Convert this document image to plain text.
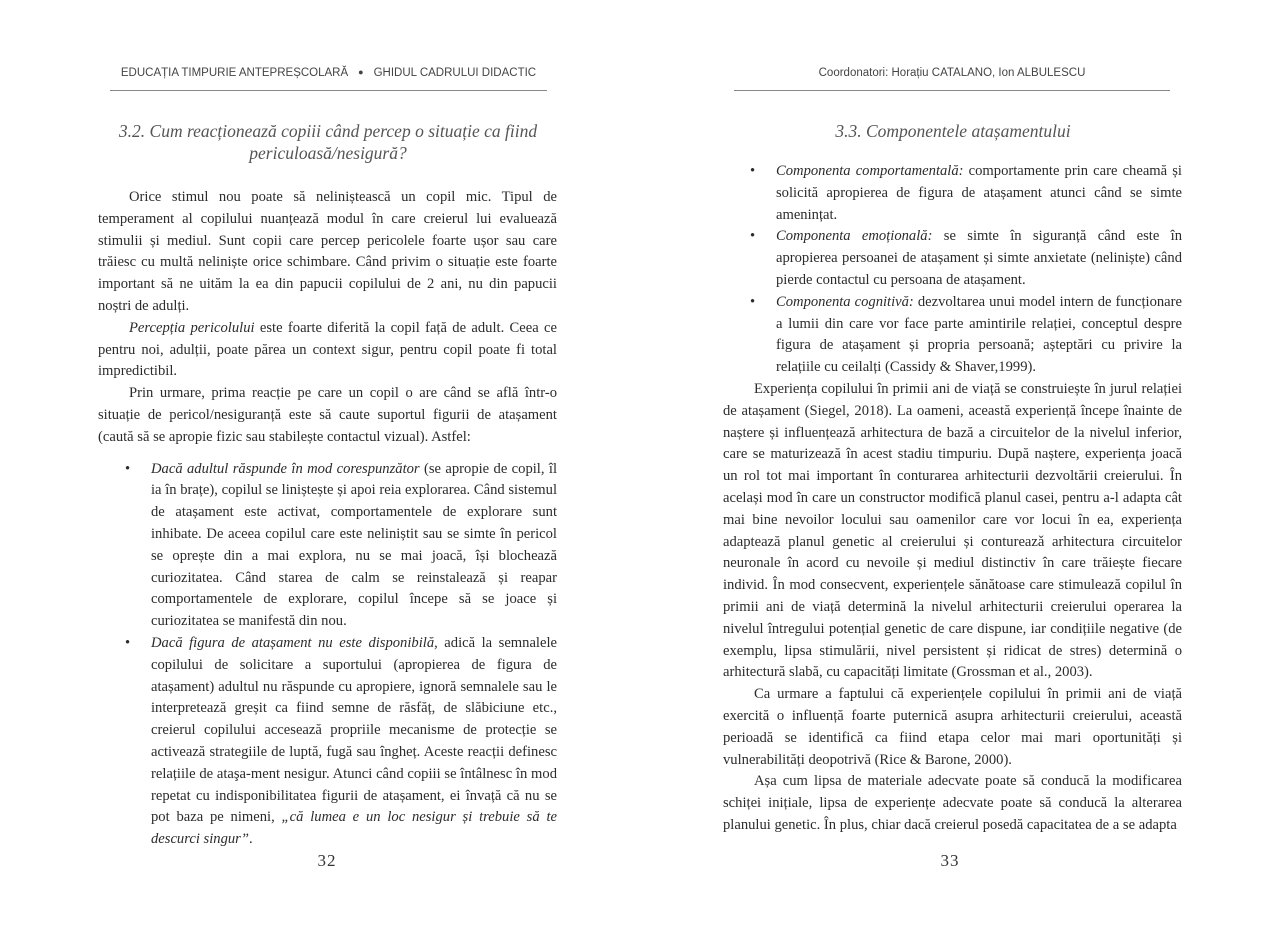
EDUCAȚIA TIMPURIE ANTEPREȘCOLARĂ ● GHIDUL CADRULUI DIDACTIC
3.2. Cum reacționează copiii când percep o situație ca fiind periculoasă/nesigură?

Orice stimul nou poate să neliniștească un copil mic. Tipul de temperament al copilului nuanțează modul în care creierul lui evaluează stimulii și mediul. Sunt copii care percep pericolele foarte ușor sau care trăiesc cu multă neliniște orice schimbare. Când privim o situație este foarte important să ne uităm la ea din papucii copilului de 2 ani, nu din papucii noștri de adulți.

Percepția pericolului este foarte diferită la copil față de adult. Ceea ce pentru noi, adulții, poate părea un context sigur, pentru copil poate fi total impredictibil.

Prin urmare, prima reacție pe care un copil o are când se află într-o situație de pericol/nesiguranță este să caute suportul figurii de atașament (caută să se apropie fizic sau stabilește contactul vizual). Astfel:

• Dacă adultul răspunde în mod corespunzător (se apropie de copil, îl ia în brațe), copilul se liniștește și apoi reia explorarea. Când sistemul de atașament este activat, comportamentele de explorare sunt inhibate. De aceea copilul care este neliniștit sau se simte în pericol se oprește din a mai explora, nu se mai joacă, își blochează curiozitatea. Când starea de calm se reinstalează și reapar comportamentele de explorare, copilul începe să se joace și curiozitatea se manifestă din nou.
• Dacă figura de atașament nu este disponibilă, adică la semnalele copilului de solicitare a suportului (apropierea de figura de atașament) adultul nu răspunde cu apropiere, ignoră semnalele sau le interpretează greșit ca fiind semne de răsfăț, de slăbiciune etc., creierul copilului accesează propriile mecanisme de protecție se activează strategiile de luptă, fugă sau îngheț. Aceste reacții definesc relațiile de ataşa-ment nesigur. Atunci când copiii se întâlnesc în mod repetat cu indisponibilitatea figurii de atașament, ei învață că nu se pot baza pe nimeni, „că lumea e un loc nesigur și trebuie să te descurci singur”.
32
Coordonatori: Horațiu CATALANO, Ion ALBULESCU
3.3. Componentele atașamentului
• Componenta comportamentală: comportamente prin care cheamă și solicită apropierea de figura de atașament atunci când se simte amenințat.
• Componenta emoțională: se simte în siguranță când este în apropierea persoanei de atașament și simte anxietate (neliniște) când pierde contactul cu persoana de atașament.
• Componenta cognitivă: dezvoltarea unui model intern de funcționare a lumii din care vor face parte amintirile relației, conceptul despre figura de atașament și propria persoană; așteptări cu privire la relațiile cu ceilalți (Cassidy & Shaver,1999).

Experiența copilului în primii ani de viață se construiește în jurul relației de atașament (Siegel, 2018). La oameni, această experiență începe înainte de naștere și influențează arhitectura de bază a circuitelor de la nivelul inferior, care se maturizează în acest stadiu timpuriu. După naștere, experiența joacă un rol tot mai important în conturarea arhitecturii dezvoltării creierului. În același mod în care un constructor modifică planul casei, pentru a-l adapta cât mai bine nevoilor locului sau oamenilor care vor locui în ea, experiența adaptează planul genetic al creierului și contureazǎ arhitectura circuitelor neuronale în acord cu nevoile și mediul distinctiv în care trăiește fiecare individ. În mod consecvent, experiențele sănătoase care stimulează copilul în primii ani de viață determină la nivelul arhitecturii creierului operarea la nivelul întregului potențial genetic de care dispune, iar condițiile negative (de exemplu, lipsa stimulării, nivel persistent și ridicat de stres) determină o arhitectură slabă, cu capacități limitate (Grossman et al., 2003).

Ca urmare a faptului că experiențele copilului în primii ani de viață exercită o influență foarte puternică asupra arhitecturii creierului, această perioadă se identifică ca fiind etapa celor mai mari oportunități și vulnerabilități deopotrivă (Rice & Barone, 2000).

Așa cum lipsa de materiale adecvate poate să conducă la modificarea schiței inițiale, lipsa de experiențe adecvate poate să conducă la alterarea planului genetic. În plus, chiar dacă creierul posedă capacitatea de a se adapta

33
